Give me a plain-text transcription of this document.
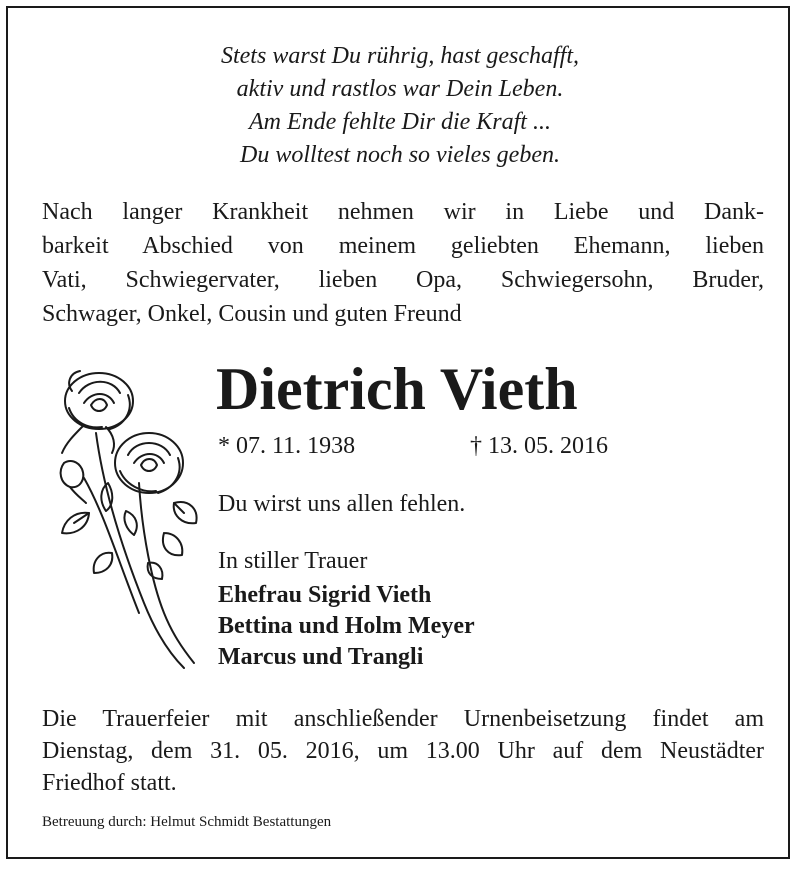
Stets warst Du rührig, hast geschafft,
aktiv und rastlos war Dein Leben.
Am Ende fehlte Dir die Kraft ...
Du wolltest noch so vieles geben.
Nach langer Krankheit nehmen wir in Liebe und Dank-
barkeit Abschied von meinem geliebten Ehemann, lieben
Vati, Schwiegervater, lieben Opa, Schwiegersohn, Bruder,
Schwager, Onkel, Cousin und guten Freund
Dietrich Vieth
* 07. 11. 1938	† 13. 05. 2016
Du wirst uns allen fehlen.
In stiller Trauer
Ehefrau Sigrid Vieth
Bettina und Holm Meyer
Marcus und Trangli
Die Trauerfeier mit anschließender Urnenbeisetzung findet am
Dienstag, dem 31. 05. 2016, um 13.00 Uhr auf dem Neustädter
Friedhof statt.
Betreuung durch: Helmut Schmidt Bestattungen
